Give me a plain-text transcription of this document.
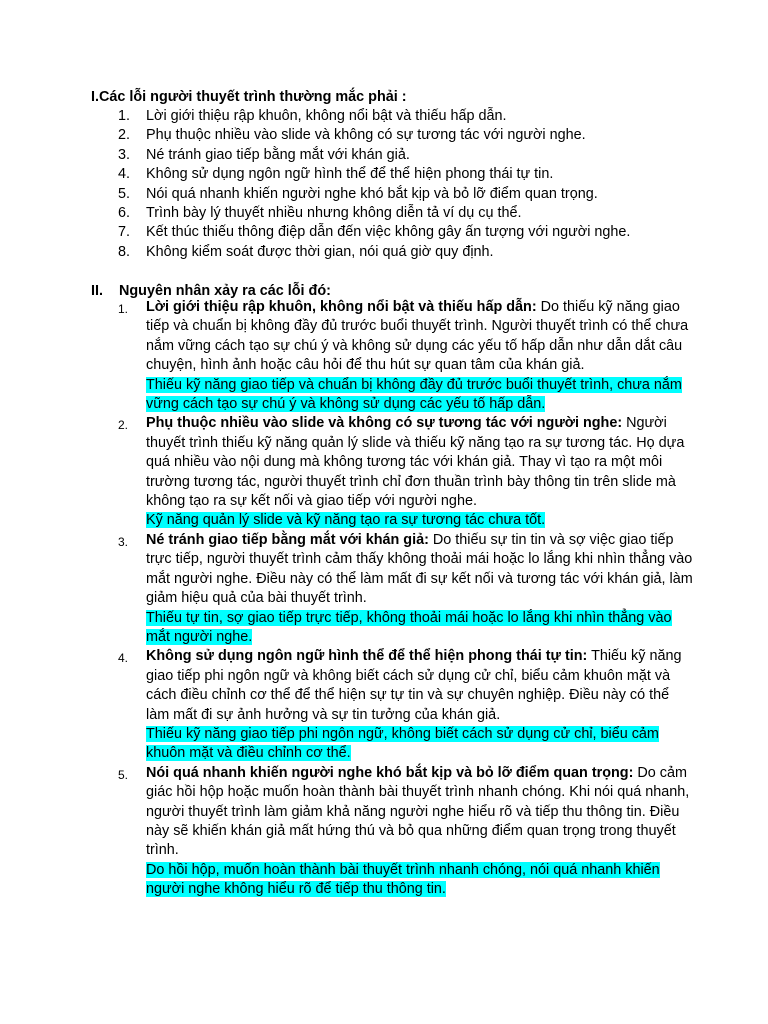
I.Các lỗi người thuyết trình thường mắc phải :
1.	Lời giới thiệu rập khuôn, không nổi bật và thiếu hấp dẫn.
2.	Phụ thuộc nhiều vào slide và không có sự tương tác với người nghe.
3.	Né tránh giao tiếp bằng mắt với khán giả.
4.	Không sử dụng ngôn ngữ hình thể để thể hiện phong thái tự tin.
5.	Nói quá nhanh khiến người nghe khó bắt kịp và bỏ lỡ điểm quan trọng.
6.	Trình bày lý thuyết nhiều nhưng không diễn tả ví dụ cụ thể.
7.	Kết thúc thiếu thông điệp dẫn đến việc không gây ấn tượng với người nghe.
8.	Không kiểm soát được thời gian, nói quá giờ quy định.
II. Nguyên nhân xảy ra các lỗi đó:
1.	Lời giới thiệu rập khuôn, không nổi bật và thiếu hấp dẫn: Do thiếu kỹ năng giao tiếp và chuẩn bị không đầy đủ trước buổi thuyết trình. Người thuyết trình có thể chưa nắm vững cách tạo sự chú ý và không sử dụng các yếu tố hấp dẫn như dẫn dắt câu chuyện, hình ảnh hoặc câu hỏi để thu hút sự quan tâm của khán giả.
Thiếu kỹ năng giao tiếp và chuẩn bị không đầy đủ trước buổi thuyết trình, chưa nắm vững cách tạo sự chú ý và không sử dụng các yếu tố hấp dẫn.
2.	Phụ thuộc nhiều vào slide và không có sự tương tác với người nghe: Người thuyết trình thiếu kỹ năng quản lý slide và thiếu kỹ năng tạo ra sự tương tác. Họ dựa quá nhiều vào nội dung mà không tương tác với khán giả. Thay vì tạo ra một môi trường tương tác, người thuyết trình chỉ đơn thuần trình bày thông tin trên slide mà không tạo ra sự kết nối và giao tiếp với người nghe.
Kỹ năng quản lý slide và kỹ năng tạo ra sự tương tác chưa tốt.
3.	Né tránh giao tiếp bằng mắt với khán giả: Do thiếu sự tin tin và sợ việc giao tiếp trực tiếp, người thuyết trình cảm thấy không thoải mái hoặc lo lắng khi nhìn thẳng vào mắt người nghe. Điều này có thể làm mất đi sự kết nối và tương tác với khán giả, làm giảm hiệu quả của bài thuyết trình.
Thiếu tự tin, sợ giao tiếp trực tiếp, không thoải mái hoặc lo lắng khi nhìn thẳng vào mắt người nghe.
4.	Không sử dụng ngôn ngữ hình thể để thể hiện phong thái tự tin: Thiếu kỹ năng giao tiếp phi ngôn ngữ và không biết cách sử dụng cử chỉ, biểu cảm khuôn mặt và cách điều chỉnh cơ thể để thể hiện sự tự tin và sự chuyên nghiệp. Điều này có thể làm mất đi sự ảnh hưởng và sự tin tưởng của khán giả.
Thiếu kỹ năng giao tiếp phi ngôn ngữ, không biết cách sử dụng cử chỉ, biểu cảm khuôn mặt và điều chỉnh cơ thể.
5.	Nói quá nhanh khiến người nghe khó bắt kịp và bỏ lỡ điểm quan trọng: Do cảm giác hồi hộp hoặc muốn hoàn thành bài thuyết trình nhanh chóng. Khi nói quá nhanh, người thuyết trình làm giảm khả năng người nghe hiểu rõ và tiếp thu thông tin. Điều này sẽ khiến khán giả mất hứng thú và bỏ qua những điểm quan trọng trong thuyết trình.
Do hồi hộp, muốn hoàn thành bài thuyết trình nhanh chóng, nói quá nhanh khiến người nghe không hiểu rõ để tiếp thu thông tin.
